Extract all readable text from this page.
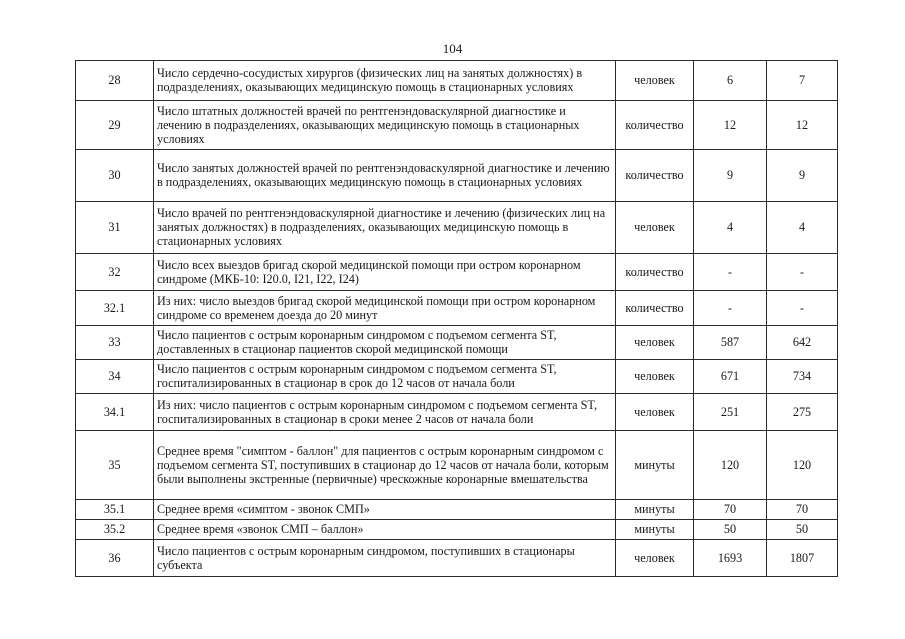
104
28	Число сердечно-сосудистых хирургов (физических лиц на занятых должностях) в подразделениях, оказывающих медицинскую помощь в стационарных условиях	человек	6	7
29	Число штатных должностей врачей по рентгенэндоваскулярной диагностике и лечению в подразделениях, оказывающих медицинскую помощь в стационарных условиях	количество	12	12
30	Число занятых должностей врачей по рентгенэндоваскулярной диагностике и лечению в подразделениях, оказывающих медицинскую помощь в стационарных условиях	количество	9	9
31	Число врачей по рентгенэндоваскулярной диагностике и лечению (физических лиц на занятых должностях) в подразделениях, оказывающих медицинскую помощь в стационарных условиях	человек	4	4
32	Число всех выездов бригад скорой медицинской помощи при остром коронарном синдроме (МКБ-10: I20.0, I21, I22, I24)	количество	-	-
32.1	Из них: число выездов бригад скорой медицинской помощи при остром коронарном синдроме со временем доезда до 20 минут	количество	-	-
33	Число пациентов с острым коронарным синдромом с подъемом сегмента ST, доставленных в стационар пациентов скорой медицинской помощи	человек	587	642
34	Число пациентов с острым коронарным синдромом с подъемом сегмента ST, госпитализированных в стационар в срок до 12 часов от начала боли	человек	671	734
34.1	Из них: число пациентов с острым коронарным синдромом с подъемом сегмента ST, госпитализированных в стационар в сроки менее 2 часов от начала боли	человек	251	275
35	Среднее время "симптом - баллон" для пациентов с острым коронарным синдромом с подъемом сегмента ST, поступивших в стационар до 12 часов от начала боли, которым были выполнены экстренные (первичные) чрескожные коронарные вмешательства	минуты	120	120
35.1	Среднее время «симптом - звонок СМП»	минуты	70	70
35.2	Среднее время «звонок СМП – баллон»	минуты	50	50
36	Число пациентов с острым коронарным синдромом, поступивших в стационары субъекта	человек	1693	1807
